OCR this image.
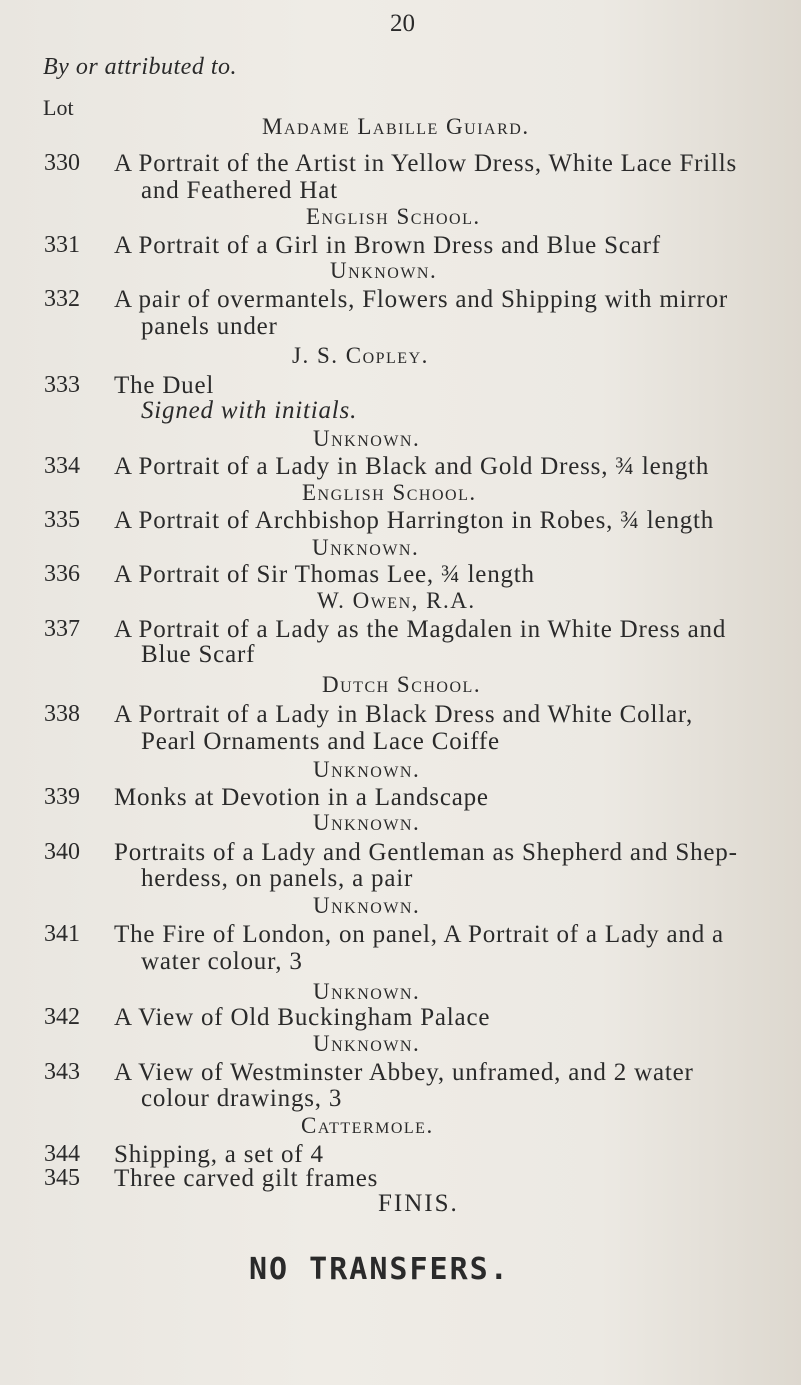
20
By or attributed to.
Lot
Madame Labille Guiard.
330 A Portrait of the Artist in Yellow Dress, White Lace Frills
and Feathered Hat
English School.
331 A Portrait of a Girl in Brown Dress and Blue Scarf
Unknown.
332 A pair of overmantels, Flowers and Shipping with mirror
panels under
J. S. Copley.
333 The Duel
Signed with initials.
Unknown.
334 A Portrait of a Lady in Black and Gold Dress, ¾ length
English School.
335 A Portrait of Archbishop Harrington in Robes, ¾ length
Unknown.
336 A Portrait of Sir Thomas Lee, ¾ length
W. Owen, R.A.
337 A Portrait of a Lady as the Magdalen in White Dress and
Blue Scarf
Dutch School.
338 A Portrait of a Lady in Black Dress and White Collar,
Pearl Ornaments and Lace Coiffe
Unknown.
339 Monks at Devotion in a Landscape
Unknown.
340 Portraits of a Lady and Gentleman as Shepherd and Shep-
herdess, on panels, a pair
Unknown.
341 The Fire of London, on panel, A Portrait of a Lady and a
water colour, 3
Unknown.
342 A View of Old Buckingham Palace
Unknown.
343 A View of Westminster Abbey, unframed, and 2 water
colour drawings, 3
Cattermole.
344 Shipping, a set of 4
345 Three carved gilt frames
FINIS.
NO TRANSFERS.
